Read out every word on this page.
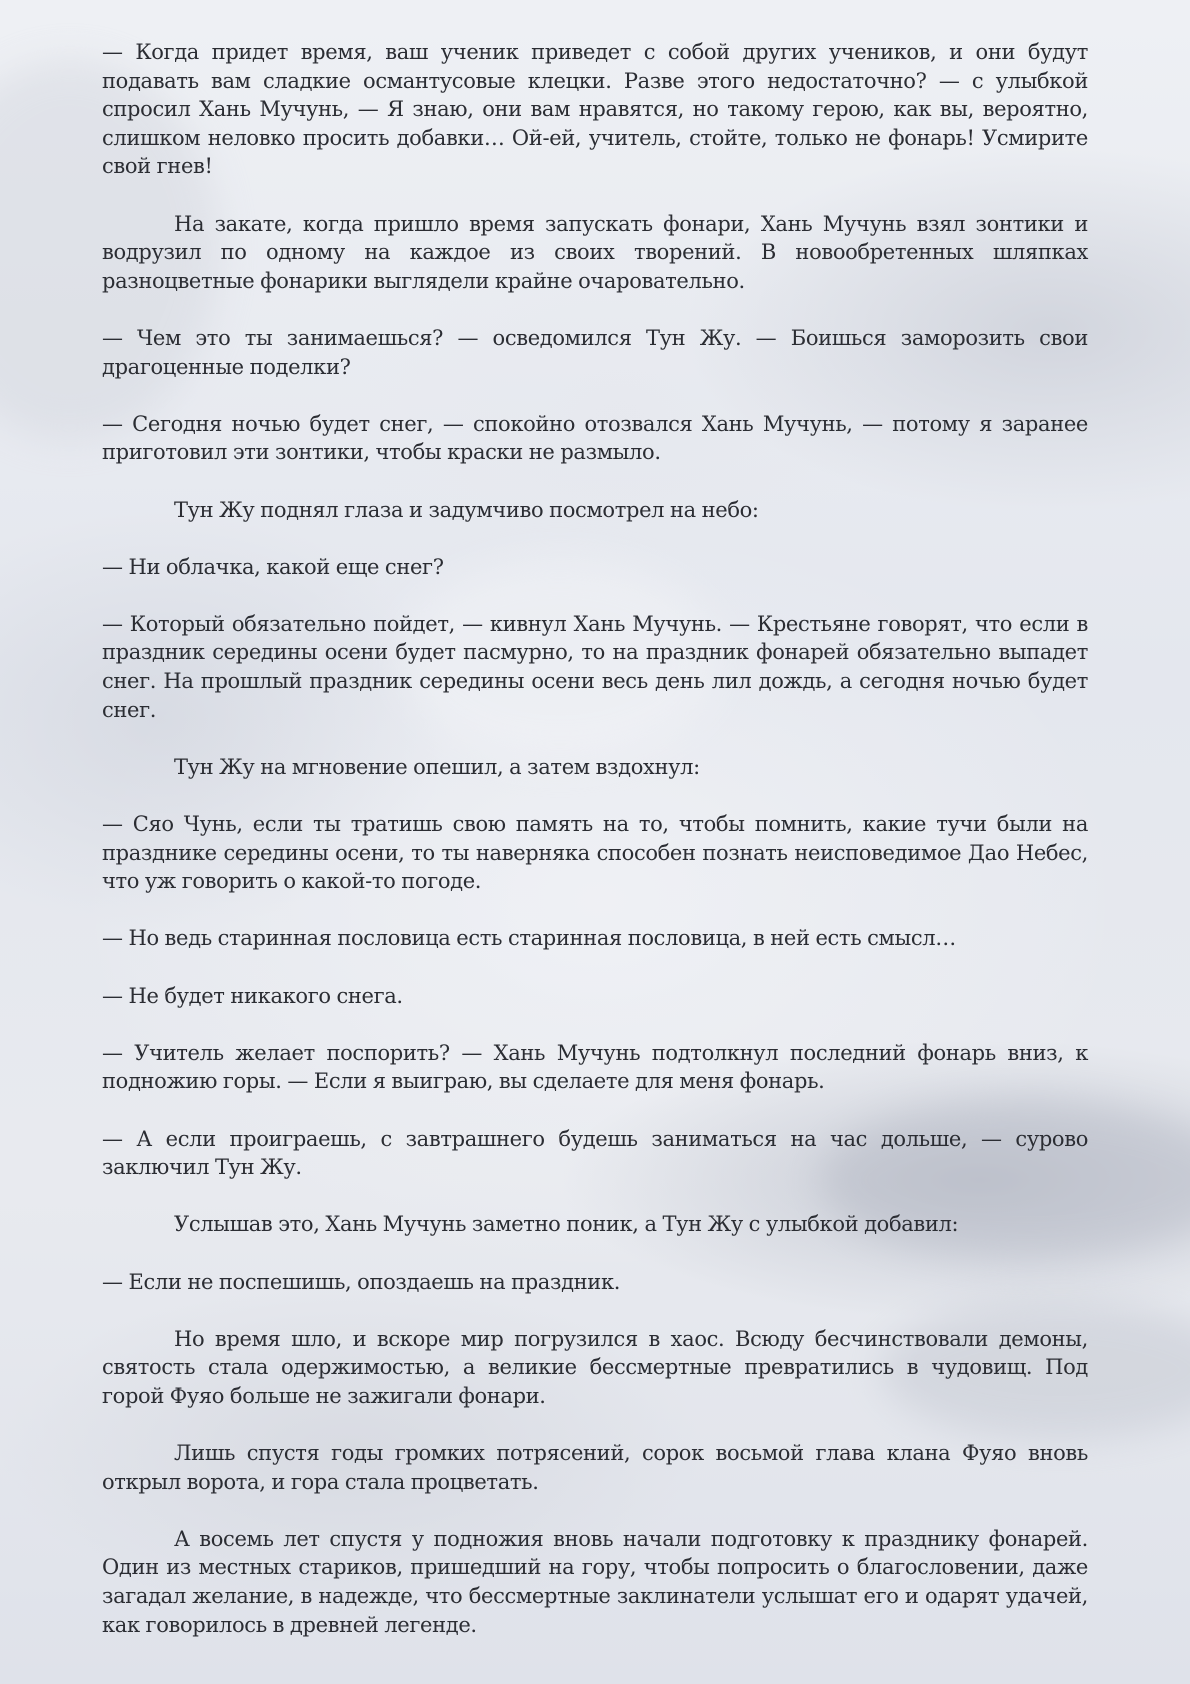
— Когда придет время, ваш ученик приведет с собой других учеников, и они будут подавать вам сладкие османтусовые клецки. Разве этого недостаточно? — с улыбкой спросил Хань Мучунь, — Я знаю, они вам нравятся, но такому герою, как вы, вероятно, слишком неловко просить добавки… Ой-ей, учитель, стойте, только не фонарь! Усмирите свой гнев!

На закате, когда пришло время запускать фонари, Хань Мучунь взял зонтики и водрузил по одному на каждое из своих творений. В новообретенных шляпках разноцветные фонарики выглядели крайне очаровательно.

— Чем это ты занимаешься? — осведомился Тун Жу. — Боишься заморозить свои драгоценные поделки?

— Сегодня ночью будет снег, — спокойно отозвался Хань Мучунь, — потому я заранее приготовил эти зонтики, чтобы краски не размыло.

Тун Жу поднял глаза и задумчиво посмотрел на небо:

— Ни облачка, какой еще снег?

— Который обязательно пойдет, — кивнул Хань Мучунь. — Крестьяне говорят, что если в праздник середины осени будет пасмурно, то на праздник фонарей обязательно выпадет снег. На прошлый праздник середины осени весь день лил дождь, а сегодня ночью будет снег.

Тун Жу на мгновение опешил, а затем вздохнул:

— Сяо Чунь, если ты тратишь свою память на то, чтобы помнить, какие тучи были на празднике середины осени, то ты наверняка способен познать неисповедимое Дао Небес, что уж говорить о какой-то погоде.

— Но ведь старинная пословица есть старинная пословица, в ней есть смысл…

— Не будет никакого снега.

— Учитель желает поспорить? — Хань Мучунь подтолкнул последний фонарь вниз, к подножию горы. — Если я выиграю, вы сделаете для меня фонарь.

— А если проиграешь, с завтрашнего будешь заниматься на час дольше, — сурово заключил Тун Жу.

Услышав это, Хань Мучунь заметно поник, а Тун Жу с улыбкой добавил:

— Если не поспешишь, опоздаешь на праздник.

Но время шло, и вскоре мир погрузился в хаос. Всюду бесчинствовали демоны, святость стала одержимостью, а великие бессмертные превратились в чудовищ. Под горой Фуяо больше не зажигали фонари.

Лишь спустя годы громких потрясений, сорок восьмой глава клана Фуяо вновь открыл ворота, и гора стала процветать.

А восемь лет спустя у подножия вновь начали подготовку к празднику фонарей. Один из местных стариков, пришедший на гору, чтобы попросить о благословении, даже загадал желание, в надежде, что бессмертные заклинатели услышат его и одарят удачей, как говорилось в древней легенде.
